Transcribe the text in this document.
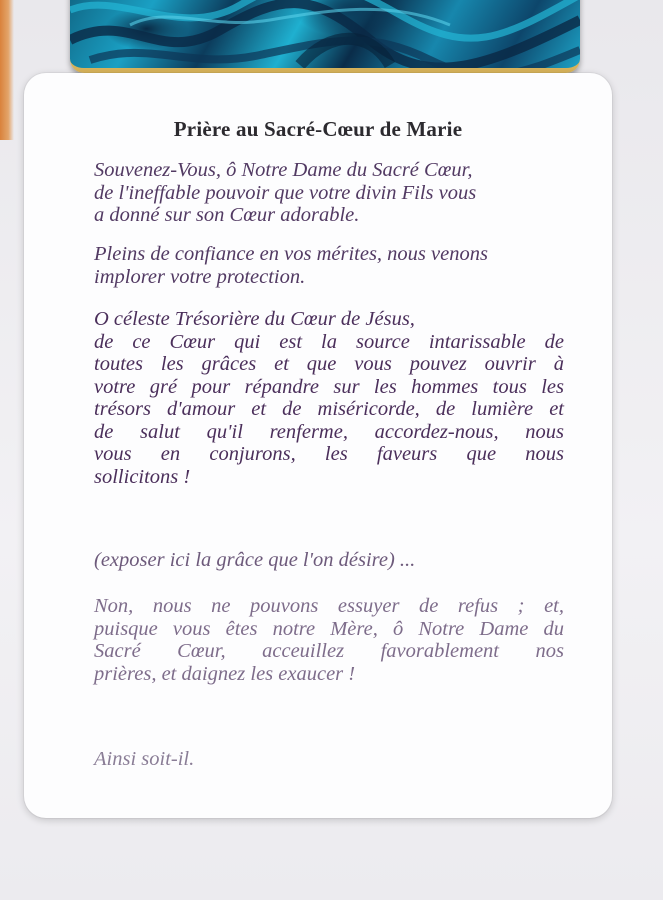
Prière au Sacré-Cœur de Marie

Souvenez-Vous, ô Notre Dame du Sacré Cœur,
de l'ineffable pouvoir que votre divin Fils vous
a donné sur son Cœur adorable.

Pleins de confiance en vos mérites, nous venons
implorer votre protection.

O céleste Trésorière du Cœur de Jésus,
de ce Cœur qui est la source intarissable de
toutes les grâces et que vous pouvez ouvrir à
votre gré pour répandre sur les hommes tous les
trésors d'amour et de miséricorde, de lumière et
de salut qu'il renferme, accordez-nous, nous
vous en conjurons, les faveurs que nous
sollicitons !

(exposer ici la grâce que l'on désire) ...

Non, nous ne pouvons essuyer de refus ; et,
puisque vous êtes notre Mère, ô Notre Dame du
Sacré Cœur, acceuillez favorablement nos
prières, et daignez les exaucer !

Ainsi soit-il.
